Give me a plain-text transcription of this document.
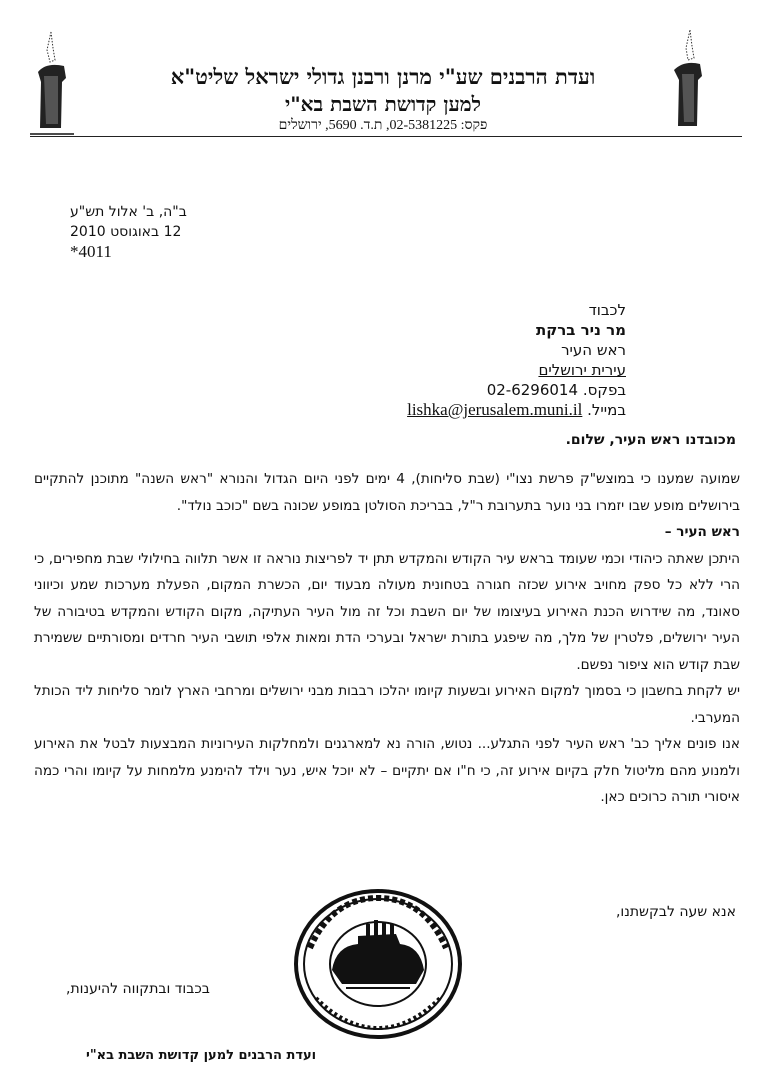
ועדת הרבנים שע"י מרנן ורבנן גדולי ישראל שליט"א
למען קדושת השבת בא"י
פקס: 02-5381225, ת.ד. 5690, ירושלים
ב"ה, ב' אלול תש"ע
12 באוגוסט 2010
*4011
לכבוד
מר ניר ברקת
ראש העיר
עירית ירושלים
בפקס. 02-6296014
במייל. lishka@jerusalem.muni.il
מכובדנו ראש העיר, שלום.

שמועה שמענו כי במוצש"ק פרשת נצו"י (שבת סליחות), 4 ימים לפני היום הגדול והנורא "ראש השנה" מתוכנן להתקיים בירושלים מופע שבו יזמרו בני נוער בתערובת ר"ל, בבריכת הסולטן במופע שכונה בשם "כוכב נולד".

ראש העיר –

היתכן שאתה כיהודי וכמי שעומד בראש עיר הקודש והמקדש תתן יד לפריצות נוראה זו אשר תלווה בחילולי שבת מחפירים, כי הרי ללא כל ספק מחויב אירוע שכזה חגורה בטחונית מעולה מבעוד יום, הכשרת המקום, הפעלת מערכות שמע וכיווני סאונד, מה שידרוש הכנת האירוע בעיצומו של יום השבת וכל זה מול העיר העתיקה, מקום הקודש והמקדש בטיבורה של העיר ירושלים, פלטרין של מלך, מה שיפגע בתורת ישראל ובערכי הדת ומאות אלפי תושבי העיר חרדים ומסורתיים ששמירת שבת קודש הוא ציפור נפשם.

יש לקחת בחשבון כי בסמוך למקום האירוע ובשעות קיומו יהלכו רבבות מבני ירושלים ומרחבי הארץ לומר סליחות ליד הכותל המערבי.

אנו פונים אליך כב' ראש העיר לפני התגלע... נטוש, הורה נא למארגנים ולמחלקות העירוניות המבצעות לבטל את האירוע ולמנוע מהם מליטול חלק בקיום אירוע זה, כי ח"ו אם יתקיים – לא יוכל איש, נער וילד להימנע מלמחות על קיומו והרי כמה איסורי תורה כרוכים כאן.

אנא שעה לבקשתנו,
בכבוד ובתקווה להיענות,
ועדת הרבנים למען קדושת השבת בא"י
